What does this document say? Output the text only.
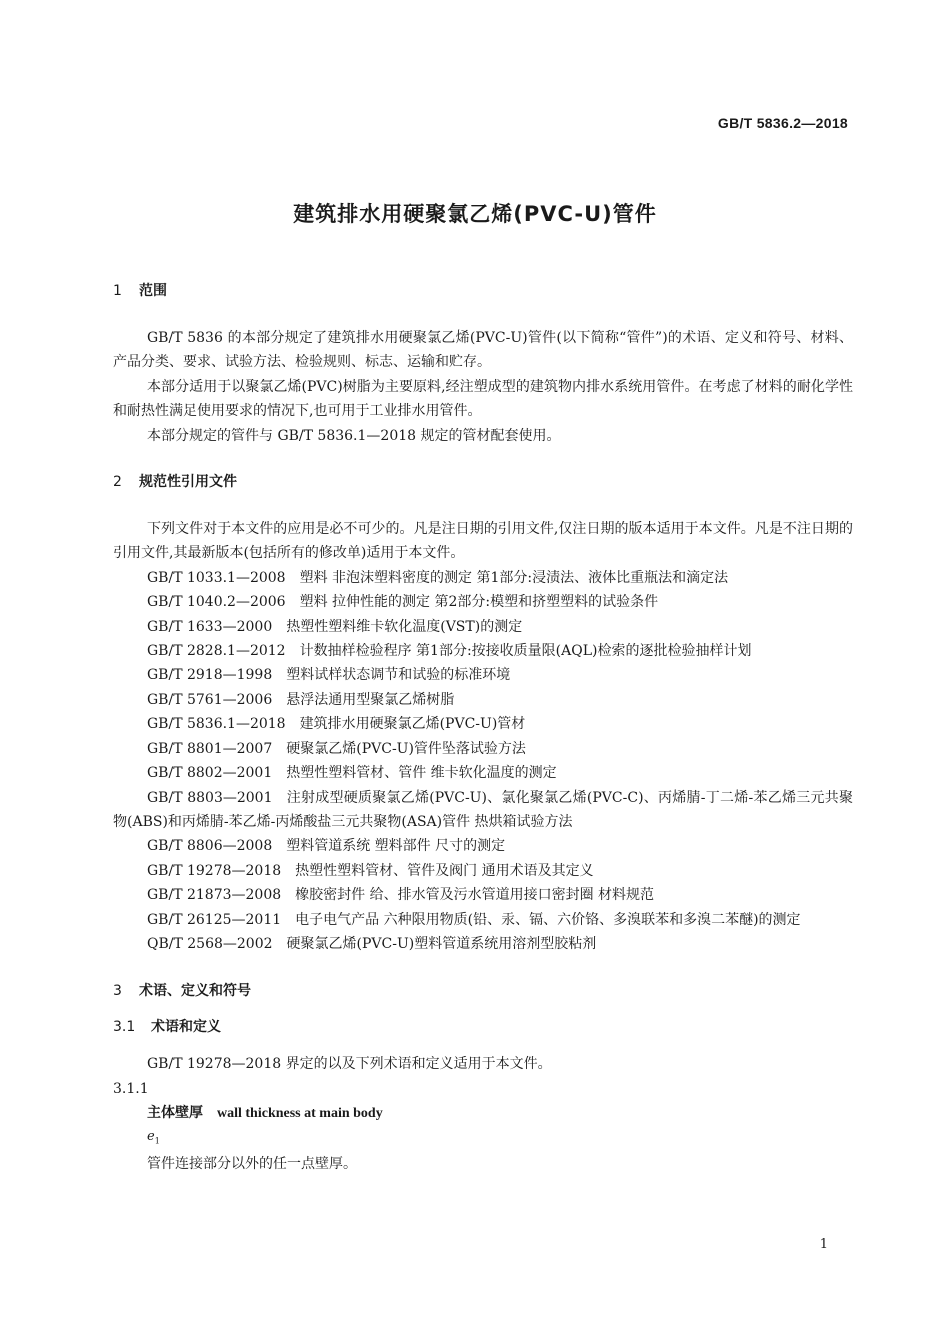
GB/T 5836.2—2018
建筑排水用硬聚氯乙烯(PVC-U)管件
1 范围

GB/T 5836 的本部分规定了建筑排水用硬聚氯乙烯(PVC-U)管件(以下简称“管件”)的术语、定义和符号、材料、产品分类、要求、试验方法、检验规则、标志、运输和贮存。

本部分适用于以聚氯乙烯(PVC)树脂为主要原料,经注塑成型的建筑物内排水系统用管件。在考虑了材料的耐化学性和耐热性满足使用要求的情况下,也可用于工业排水用管件。

本部分规定的管件与 GB/T 5836.1—2018 规定的管材配套使用。

2 规范性引用文件

下列文件对于本文件的应用是必不可少的。凡是注日期的引用文件,仅注日期的版本适用于本文件。凡是不注日期的引用文件,其最新版本(包括所有的修改单)适用于本文件。

GB/T 1033.1—2008 塑料 非泡沫塑料密度的测定 第1部分:浸渍法、液体比重瓶法和滴定法

GB/T 1040.2—2006 塑料 拉伸性能的测定 第2部分:模塑和挤塑塑料的试验条件

GB/T 1633—2000 热塑性塑料维卡软化温度(VST)的测定

GB/T 2828.1—2012 计数抽样检验程序 第1部分:按接收质量限(AQL)检索的逐批检验抽样计划

GB/T 2918—1998 塑料试样状态调节和试验的标准环境

GB/T 5761—2006 悬浮法通用型聚氯乙烯树脂

GB/T 5836.1—2018 建筑排水用硬聚氯乙烯(PVC-U)管材

GB/T 8801—2007 硬聚氯乙烯(PVC-U)管件坠落试验方法

GB/T 8802—2001 热塑性塑料管材、管件 维卡软化温度的测定

GB/T 8803—2001 注射成型硬质聚氯乙烯(PVC-U)、氯化聚氯乙烯(PVC-C)、丙烯腈-丁二烯-苯乙烯三元共聚物(ABS)和丙烯腈-苯乙烯-丙烯酸盐三元共聚物(ASA)管件 热烘箱试验方法

GB/T 8806—2008 塑料管道系统 塑料部件 尺寸的测定

GB/T 19278—2018 热塑性塑料管材、管件及阀门 通用术语及其定义

GB/T 21873—2008 橡胶密封件 给、排水管及污水管道用接口密封圈 材料规范

GB/T 26125—2011 电子电气产品 六种限用物质(铅、汞、镉、六价铬、多溴联苯和多溴二苯醚)的测定

QB/T 2568—2002 硬聚氯乙烯(PVC-U)塑料管道系统用溶剂型胶粘剂

3 术语、定义和符号
3.1 术语和定义

GB/T 19278—2018 界定的以及下列术语和定义适用于本文件。

3.1.1

主体壁厚 wall thickness at main body

$e_1$

管件连接部分以外的任一点壁厚。

1
